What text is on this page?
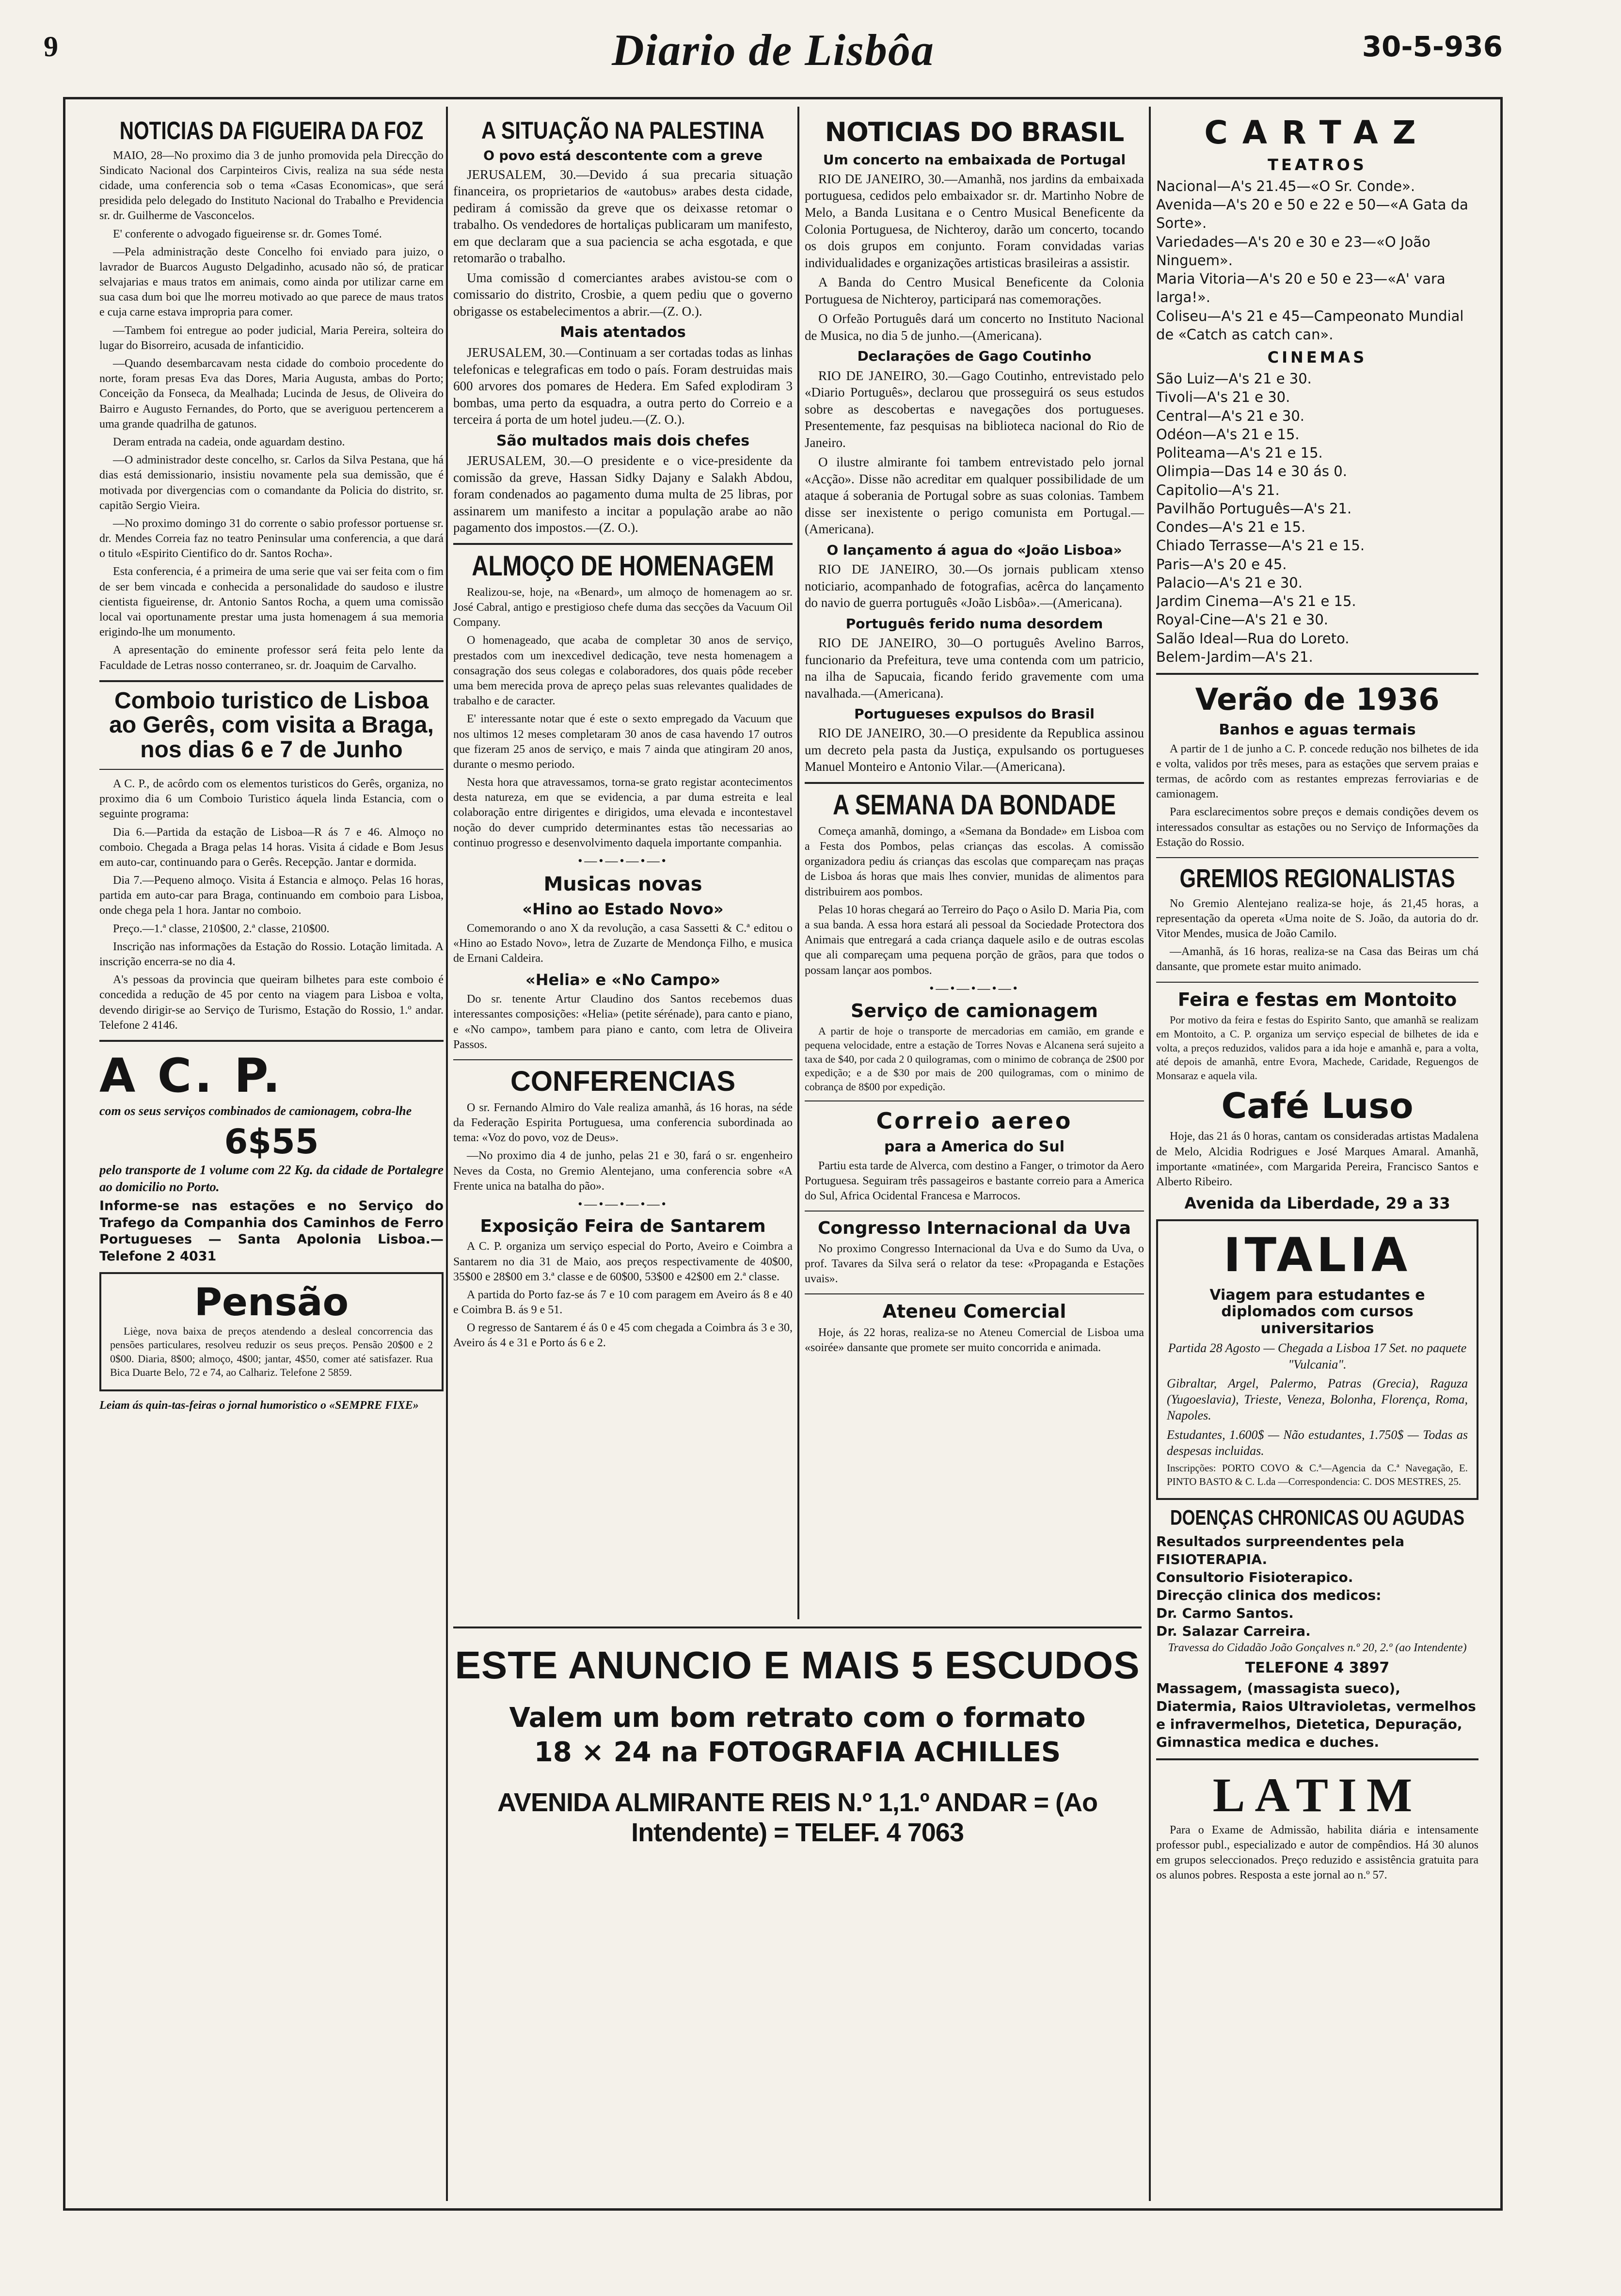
9	Diario de Lisbôa	30-5-936
NOTICIAS DA FIGUEIRA DA FOZ

MAIO, 28—No proximo dia 3 de junho promovida pela Direcção do Sindicato Nacional dos Carpinteiros Civis, realiza na sua séde nesta cidade, uma conferencia sob o tema «Casas Economicas», que será presidida pelo delegado do Instituto Nacional do Trabalho e Previdencia sr. dr. Guilherme de Vasconcelos.

E' conferente o advogado figueirense sr. dr. Gomes Tomé.

—Pela administração deste Concelho foi enviado para juizo, o lavrador de Buarcos Augusto Delgadinho, acusado não só, de praticar selvajarias e maus tratos em animais, como ainda por utilizar carne em sua casa dum boi que lhe morreu motivado ao que parece de maus tratos e cuja carne estava impropria para comer.

—Tambem foi entregue ao poder judicial, Maria Pereira, solteira do lugar do Bisorreiro, acusada de infanticidio.

—Quando desembarcavam nesta cidade do comboio procedente do norte, foram presas Eva das Dores, Maria Augusta, ambas do Porto; Conceição da Fonseca, da Mealhada; Lucinda de Jesus, de Oliveira do Bairro e Augusto Fernandes, do Porto, que se averiguou pertencerem a uma grande quadrilha de gatunos.

Deram entrada na cadeia, onde aguardam destino.

—O administrador deste concelho, sr. Carlos da Silva Pestana, que há dias está demissionario, insistiu novamente pela sua demissão, que é motivada por divergencias com o comandante da Policia do distrito, sr. capitão Sergio Vieira.

—No proximo domingo 31 do corrente o sabio professor portuense sr. dr. Mendes Correia faz no teatro Peninsular uma conferencia, a que dará o titulo «Espirito Cientifico do dr. Santos Rocha».

Esta conferencia, é a primeira de uma serie que vai ser feita com o fim de ser bem vincada e conhecida a personalidade do saudoso e ilustre cientista figueirense, dr. Antonio Santos Rocha, a quem uma comissão local vai oportunamente prestar uma justa homenagem á sua memoria erigindo-lhe um monumento.

A apresentação do eminente professor será feita pelo lente da Faculdade de Letras nosso conterraneo, sr. dr. Joaquim de Carvalho.

Comboio turistico de Lisboa ao Gerês, com visita a Braga, nos dias 6 e 7 de Junho

A C. P., de acôrdo com os elementos turisticos do Gerês, organiza, no proximo dia 6 um Comboio Turistico áquela linda Estancia, com o seguinte programa:

Dia 6.—Partida da estação de Lisboa—R ás 7 e 46. Almoço no comboio. Chegada a Braga pelas 14 horas. Visita á cidade e Bom Jesus em auto-car, continuando para o Gerês. Recepção. Jantar e dormida.

Dia 7.—Pequeno almoço. Visita á Estancia e almoço. Pelas 16 horas, partida em auto-car para Braga, continuando em comboio para Lisboa, onde chega pela 1 hora. Jantar no comboio.

Preço.—1.ª classe, 210$00, 2.ª classe, 210$00.

Inscrição nas informações da Estação do Rossio. Lotação limitada. A inscrição encerra-se no dia 4.

A's pessoas da provincia que queiram bilhetes para este comboio é concedida a redução de 45 por cento na viagem para Lisboa e volta, devendo dirigir-se ao Serviço de Turismo, Estação do Rossio, 1.º andar. Telefone 2 4146.

A C. P.

com os seus serviços combinados de camionagem, cobra-lhe

6$55

pelo transporte de 1 volume com 22 Kg. da cidade de Portalegre ao domicilio no Porto.

Informe-se nas estações e no Serviço do Trafego da Companhia dos Caminhos de Ferro Portugueses — Santa Apolonia Lisboa.—Telefone 2 4031

Pensão

Liège, nova baixa de preços atendendo a desleal concorrencia das pensões particulares, resolveu reduzir os seus preços. Pensão 20$00 e 2 0$00. Diaria, 8$00; almoço, 4$00; jantar, 4$50, comer até satisfazer. Rua Bica Duarte Belo, 72 e 74, ao Calhariz. Telefone 2 5859.

Leiam ás quin-tas-feiras o jornal humoristico o «SEMPRE FIXE»

A SITUAÇÃO NA PALESTINA
O povo está descontente com a greve

JERUSALEM, 30.—Devido á sua precaria situação financeira, os proprietarios de «autobus» arabes desta cidade, pediram á comissão da greve que os deixasse retomar o trabalho. Os vendedores de hortaliças publicaram um manifesto, em que declaram que a sua paciencia se acha esgotada, e que retomarão o trabalho.

Uma comissão d comerciantes arabes avistou-se com o comissario do distrito, Crosbie, a quem pediu que o governo obrigasse os estabelecimentos a abrir.—(Z. O.).

Mais atentados

JERUSALEM, 30.—Continuam a ser cortadas todas as linhas telefonicas e telegraficas em todo o país. Foram destruidas mais 600 arvores dos pomares de Hedera. Em Safed explodiram 3 bombas, uma perto da esquadra, a outra perto do Correio e a terceira á porta de um hotel judeu.—(Z. O.).

São multados mais dois chefes

JERUSALEM, 30.—O presidente e o vice-presidente da comissão da greve, Hassan Sidky Dajany e Salakh Abdou, foram condenados ao pagamento duma multa de 25 libras, por assinarem um manifesto a incitar a população arabe ao não pagamento dos impostos.—(Z. O.).

ALMOÇO DE HOMENAGEM

Realizou-se, hoje, na «Benard», um almoço de homenagem ao sr. José Cabral, antigo e prestigioso chefe duma das secções da Vacuum Oil Company.

O homenageado, que acaba de completar 30 anos de serviço, prestados com um inexcedivel dedicação, teve nesta homenagem a consagração dos seus colegas e colaboradores, dos quais pôde receber uma bem merecida prova de apreço pelas suas relevantes qualidades de trabalho e de caracter.

E' interessante notar que é este o sexto empregado da Vacuum que nos ultimos 12 meses completaram 30 anos de casa havendo 17 outros que fizeram 25 anos de serviço, e mais 7 ainda que atingiram 20 anos, durante o mesmo periodo.

Nesta hora que atravessamos, torna-se grato registar acontecimentos desta natureza, em que se evidencia, a par duma estreita e leal colaboração entre dirigentes e dirigidos, uma elevada e incontestavel noção do dever cumprido determinantes estas tão necessarias ao continuo progresso e desenvolvimento daquela importante companhia.

•—•—•—•—•
Musicas novas
«Hino ao Estado Novo»

Comemorando o ano X da revolução, a casa Sassetti & C.ª editou o «Hino ao Estado Novo», letra de Zuzarte de Mendonça Filho, e musica de Ernani Caldeira.

«Helia» e «No Campo»

Do sr. tenente Artur Claudino dos Santos recebemos duas interessantes composições: «Helia» (petite sérénade), para canto e piano, e «No campo», tambem para piano e canto, com letra de Oliveira Passos.

CONFERENCIAS

O sr. Fernando Almiro do Vale realiza amanhã, ás 16 horas, na séde da Federação Espirita Portuguesa, uma conferencia subordinada ao tema: «Voz do povo, voz de Deus».

—No proximo dia 4 de junho, pelas 21 e 30, fará o sr. engenheiro Neves da Costa, no Gremio Alentejano, uma conferencia sobre «A Frente unica na batalha do pão».

•—•—•—•—•
Exposição Feira de Santarem

A C. P. organiza um serviço especial do Porto, Aveiro e Coimbra a Santarem no dia 31 de Maio, aos preços respectivamente de 40$00, 35$00 e 28$00 em 3.ª classe e de 60$00, 53$00 e 42$00 em 2.ª classe.

A partida do Porto faz-se ás 7 e 10 com paragem em Aveiro ás 8 e 40 e Coimbra B. ás 9 e 51.

O regresso de Santarem é ás 0 e 45 com chegada a Coimbra ás 3 e 30, Aveiro ás 4 e 31 e Porto ás 6 e 2.

NOTICIAS DO BRASIL
Um concerto na embaixada de Portugal

RIO DE JANEIRO, 30.—Amanhã, nos jardins da embaixada portuguesa, cedidos pelo embaixador sr. dr. Martinho Nobre de Melo, a Banda Lusitana e o Centro Musical Beneficente da Colonia Portuguesa, de Nichteroy, darão um concerto, tocando os dois grupos em conjunto. Foram convidadas varias individualidades e organizações artisticas brasileiras a assistir.

A Banda do Centro Musical Beneficente da Colonia Portuguesa de Nichteroy, participará nas comemorações.

O Orfeão Português dará um concerto no Instituto Nacional de Musica, no dia 5 de junho.—(Americana).

Declarações de Gago Coutinho

RIO DE JANEIRO, 30.—Gago Coutinho, entrevistado pelo «Diario Português», declarou que prosseguirá os seus estudos sobre as descobertas e navegações dos portugueses. Presentemente, faz pesquisas na biblioteca nacional do Rio de Janeiro.

O ilustre almirante foi tambem entrevistado pelo jornal «Acção». Disse não acreditar em qualquer possibilidade de um ataque á soberania de Portugal sobre as suas colonias. Tambem disse ser inexistente o perigo comunista em Portugal.—(Americana).

O lançamento á agua do «João Lisboa»

RIO DE JANEIRO, 30.—Os jornais publicam xtenso noticiario, acompanhado de fotografias, acêrca do lançamento do navio de guerra português «João Lisbôa».—(Americana).

Português ferido numa desordem

RIO DE JANEIRO, 30—O português Avelino Barros, funcionario da Prefeitura, teve uma contenda com um patricio, na ilha de Sapucaia, ficando ferido gravemente com uma navalhada.—(Americana).

Portugueses expulsos do Brasil

RIO DE JANEIRO, 30.—O presidente da Republica assinou um decreto pela pasta da Justiça, expulsando os portugueses Manuel Monteiro e Antonio Vilar.—(Americana).

A SEMANA DA BONDADE

Começa amanhã, domingo, a «Semana da Bondade» em Lisboa com a Festa dos Pombos, pelas crianças das escolas. A comissão organizadora pediu ás crianças das escolas que compareçam nas praças de Lisboa ás horas que mais lhes convier, munidas de alimentos para distribuirem aos pombos.

Pelas 10 horas chegará ao Terreiro do Paço o Asilo D. Maria Pia, com a sua banda. A essa hora estará ali pessoal da Sociedade Protectora dos Animais que entregará a cada criança daquele asilo e de outras escolas que ali compareçam uma pequena porção de grãos, para que todos o possam lançar aos pombos.

•—•—•—•—•
Serviço de camionagem

A partir de hoje o transporte de mercadorias em camião, em grande e pequena velocidade, entre a estação de Torres Novas e Alcanena será sujeito a taxa de $40, por cada 2 0 quilogramas, com o minimo de cobrança de 2$00 por expedição; e a de $30 por mais de 200 quilogramas, com o minimo de cobrança de 8$00 por expedição.

Correio aereo
para a America do Sul

Partiu esta tarde de Alverca, com destino a Fanger, o trimotor da Aero Portuguesa. Seguiram três passageiros e bastante correio para a America do Sul, Africa Ocidental Francesa e Marrocos.

Congresso Internacional da Uva

No proximo Congresso Internacional da Uva e do Sumo da Uva, o prof. Tavares da Silva será o relator da tese: «Propaganda e Estações uvais».

Ateneu Comercial

Hoje, ás 22 horas, realiza-se no Ateneu Comercial de Lisboa uma «soirée» dansante que promete ser muito concorrida e animada.

CARTAZ
TEATROS
Nacional—A's 21.45—«O Sr. Conde».
Avenida—A's 20 e 50 e 22 e 50—«A Gata da Sorte».
Variedades—A's 20 e 30 e 23—«O João Ninguem».
Maria Vitoria—A's 20 e 50 e 23—«A' vara larga!».
Coliseu—A's 21 e 45—Campeonato Mundial de «Catch as catch can».
CINEMAS
São Luiz—A's 21 e 30.
Tivoli—A's 21 e 30.
Central—A's 21 e 30.
Odéon—A's 21 e 15.
Politeama—A's 21 e 15.
Olimpia—Das 14 e 30 ás 0.
Capitolio—A's 21.
Pavilhão Português—A's 21.
Condes—A's 21 e 15.
Chiado Terrasse—A's 21 e 15.
Paris—A's 20 e 45.
Palacio—A's 21 e 30.
Jardim Cinema—A's 21 e 15.
Royal-Cine—A's 21 e 30.
Salão Ideal—Rua do Loreto.
Belem-Jardim—A's 21.
Verão de 1936
Banhos e aguas termais

A partir de 1 de junho a C. P. concede redução nos bilhetes de ida e volta, validos por três meses, para as estações que servem praias e termas, de acôrdo com as restantes emprezas ferroviarias e de camionagem.

Para esclarecimentos sobre preços e demais condições devem os interessados consultar as estações ou no Serviço de Informações da Estação do Rossio.

GREMIOS REGIONALISTAS

No Gremio Alentejano realiza-se hoje, ás 21,45 horas, a representação da opereta «Uma noite de S. João, da autoria do dr. Vitor Mendes, musica de João Camilo.

—Amanhã, ás 16 horas, realiza-se na Casa das Beiras um chá dansante, que promete estar muito animado.

Feira e festas em Montoito

Por motivo da feira e festas do Espirito Santo, que amanhã se realizam em Montoito, a C. P. organiza um serviço especial de bilhetes de ida e volta, a preços reduzidos, validos para a ida hoje e amanhã e, para a volta, até depois de amanhã, entre Evora, Machede, Caridade, Reguengos de Monsaraz e aquela vila.

Café Luso

Hoje, das 21 ás 0 horas, cantam os consideradas artistas Madalena de Melo, Alcidia Rodrigues e José Marques Amaral. Amanhã, importante «matinée», com Margarida Pereira, Francisco Santos e Alberto Ribeiro.

Avenida da Liberdade, 29 a 33
ITALIA
Viagem para estudantes e diplomados com cursos universitarios

Partida 28 Agosto — Chegada a Lisboa 17 Set. no paquete "Vulcania".

Gibraltar, Argel, Palermo, Patras (Grecia), Raguza (Yugoeslavia), Trieste, Veneza, Bolonha, Florença, Roma, Napoles.

Estudantes, 1.600$ — Não estudantes, 1.750$ — Todas as despesas incluidas.

Inscripções: PORTO COVO & C.ª—Agencia da C.ª Navegação, E. PINTO BASTO & C. L.da —Correspondencia: C. DOS MESTRES, 25.

DOENÇAS CHRONICAS OU AGUDAS
Resultados surpreendentes pela FISIOTERAPIA.
Consultorio Fisioterapico.
Direcção clinica dos medicos:
Dr. Carmo Santos.
Dr. Salazar Carreira.

Travessa do Cidadão João Gonçalves n.º 20, 2.º (ao Intendente)

TELEFONE 4 3897
Massagem, (massagista sueco), Diatermia, Raios Ultravioletas, vermelhos e infravermelhos, Dietetica, Depuração, Gimnastica medica e duches.
LATIM

Para o Exame de Admissão, habilita diária e intensamente professor publ., especializado e autor de compêndios. Há 30 alunos em grupos seleccionados. Preço reduzido e assistência gratuita para os alunos pobres. Resposta a este jornal ao n.º 57.

ESTE ANUNCIO E MAIS 5 ESCUDOS
Valem um bom retrato com o formato
18 × 24 na FOTOGRAFIA ACHILLES
AVENIDA ALMIRANTE REIS N.º 1,1.º ANDAR = (Ao Intendente) = TELEF. 4 7063
